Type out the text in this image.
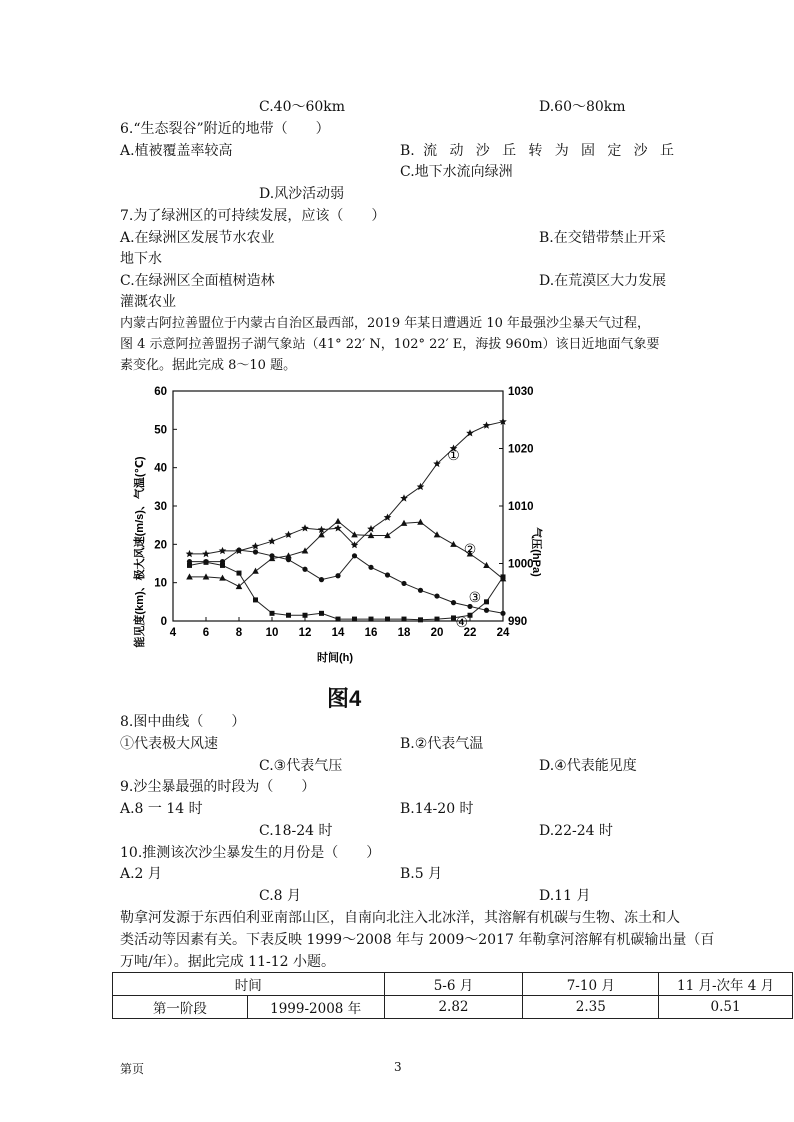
C.40～60km	D.60～80km
6.“生态裂谷”附近的地带（　　）
A.植被覆盖率较高	B. 流 动 沙 丘 转 为 固 定 沙 丘
C.地下水流向绿洲
D.风沙活动弱
7.为了绿洲区的可持续发展，应该（　　）
A.在绿洲区发展节水农业	B.在交错带禁止开采
地下水
C.在绿洲区全面植树造林	D.在荒漠区大力发展
灌溉农业
内蒙古阿拉善盟位于内蒙古自治区最西部，2019 年某日遭遇近 10 年最强沙尘暴天气过程，
图 4 示意阿拉善盟拐子湖气象站（41° 22′ N，102° 22′ E，海拔 960m）该日近地面气象要
素变化。据此完成 8～10 题。
4 6 8 10 12 14 16 18 20 22 24
0
10
20
30
40
50
60
990
1000
1010
1020
1030
①
②
③
④
能见度(km)、极大风速(m/s)、气温(℃)	气压(hPa)
时间(h)
图4
8.图中曲线（　　）
①代表极大风速	B.②代表气温
C.③代表气压	D.④代表能见度
9.沙尘暴最强的时段为（　　）
A.8 一 14 时	B.14-20 时
C.18-24 时	D.22-24 时
10.推测该次沙尘暴发生的月份是（　　）
A.2 月	B.5 月
C.8 月	D.11 月
勒拿河发源于东西伯利亚南部山区，自南向北注入北冰洋，其溶解有机碳与生物、冻土和人
类活动等因素有关。下表反映 1999～2008 年与 2009～2017 年勒拿河溶解有机碳输出量（百
万吨/年）。据此完成 11-12 小题。
时间		5-6 月	7-10 月	11 月-次年 4 月
第一阶段	1999-2008 年	2.82	2.35	0.51
第页	3
